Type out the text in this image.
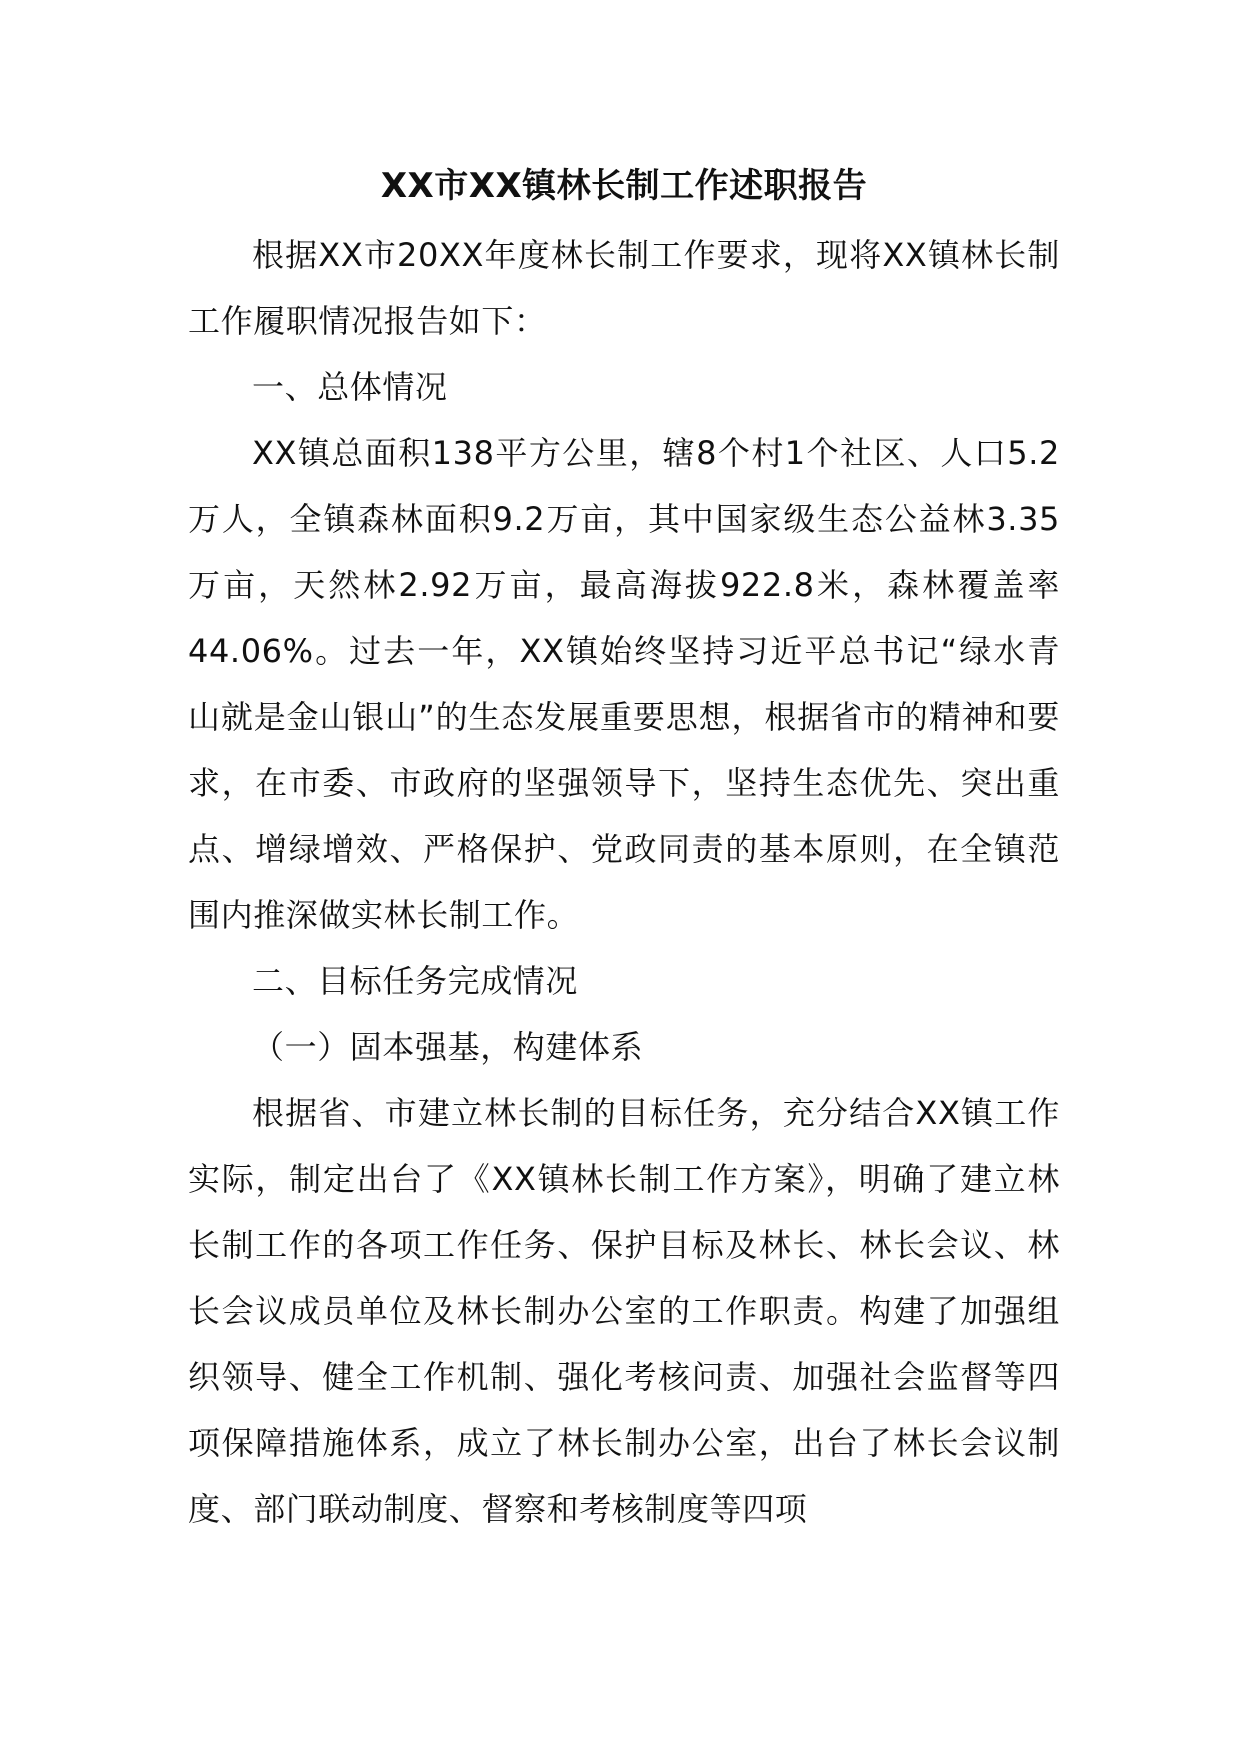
XX市XX镇林长制工作述职报告

根据XX市20XX年度林长制工作要求，现将XX镇林长制工作履职情况报告如下：

一、总体情况

XX镇总面积138平方公里，辖8个村1个社区、人口5.2万人，全镇森林面积9.2万亩，其中国家级生态公益林3.35万亩，天然林2.92万亩，最高海拔922.8米，森林覆盖率44.06%。过去一年，XX镇始终坚持习近平总书记“绿水青山就是金山银山”的生态发展重要思想，根据省市的精神和要求，在市委、市政府的坚强领导下，坚持生态优先、突出重点、增绿增效、严格保护、党政同责的基本原则，在全镇范围内推深做实林长制工作。

二、目标任务完成情况

（一）固本强基，构建体系

根据省、市建立林长制的目标任务，充分结合XX镇工作实际，制定出台了《XX镇林长制工作方案》，明确了建立林长制工作的各项工作任务、保护目标及林长、林长会议、林长会议成员单位及林长制办公室的工作职责。构建了加强组织领导、健全工作机制、强化考核问责、加强社会监督等四项保障措施体系，成立了林长制办公室，出台了林长会议制度、部门联动制度、督察和考核制度等四项
